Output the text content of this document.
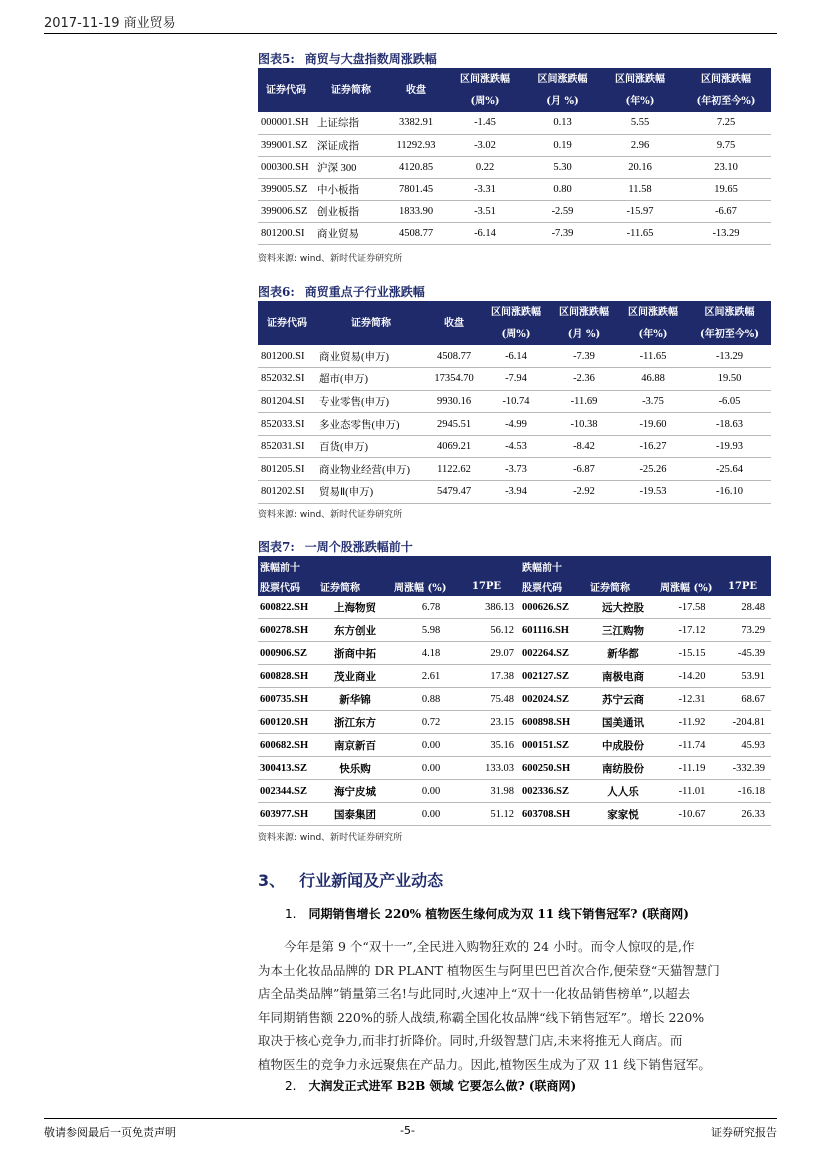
2017-11-19 商业贸易
图表5: 商贸与大盘指数周涨跌幅
证券代码	证券简称	收盘	区间涨跌幅	区间涨跌幅	区间涨跌幅	区间涨跌幅
			(周%)	(月 %)	(年%)	(年初至今%)
000001.SH	上证综指	3382.91	-1.45	0.13	5.55	7.25
399001.SZ	深证成指	11292.93	-3.02	0.19	2.96	9.75
000300.SH	沪深 300	4120.85	0.22	5.30	20.16	23.10
399005.SZ	中小板指	7801.45	-3.31	0.80	11.58	19.65
399006.SZ	创业板指	1833.90	-3.51	-2.59	-15.97	-6.67
801200.SI	商业贸易	4508.77	-6.14	-7.39	-11.65	-13.29
资料来源: wind、新时代证券研究所
图表6: 商贸重点子行业涨跌幅
证券代码	证券简称	收盘	区间涨跌幅	区间涨跌幅	区间涨跌幅	区间涨跌幅
			(周%)	(月 %)	(年%)	(年初至今%)
801200.SI	商业贸易(申万)	4508.77	-6.14	-7.39	-11.65	-13.29
852032.SI	超市(申万)	17354.70	-7.94	-2.36	46.88	19.50
801204.SI	专业零售(申万)	9930.16	-10.74	-11.69	-3.75	-6.05
852033.SI	多业态零售(申万)	2945.51	-4.99	-10.38	-19.60	-18.63
852031.SI	百货(申万)	4069.21	-4.53	-8.42	-16.27	-19.93
801205.SI	商业物业经营(申万)	1122.62	-3.73	-6.87	-25.26	-25.64
801202.SI	贸易Ⅱ(申万)	5479.47	-3.94	-2.92	-19.53	-16.10
资料来源: wind、新时代证券研究所
图表7: 一周个股涨跌幅前十
涨幅前十				跌幅前十			
股票代码	证券简称	周涨幅 (%)	17PE	股票代码	证券简称	周涨幅 (%)	17PE
600822.SH	上海物贸	6.78	386.13	000626.SZ	远大控股	-17.58	28.48
600278.SH	东方创业	5.98	56.12	601116.SH	三江购物	-17.12	73.29
000906.SZ	浙商中拓	4.18	29.07	002264.SZ	新华都	-15.15	-45.39
600828.SH	茂业商业	2.61	17.38	002127.SZ	南极电商	-14.20	53.91
600735.SH	新华锦	0.88	75.48	002024.SZ	苏宁云商	-12.31	68.67
600120.SH	浙江东方	0.72	23.15	600898.SH	国美通讯	-11.92	-204.81
600682.SH	南京新百	0.00	35.16	000151.SZ	中成股份	-11.74	45.93
300413.SZ	快乐购	0.00	133.03	600250.SH	南纺股份	-11.19	-332.39
002344.SZ	海宁皮城	0.00	31.98	002336.SZ	人人乐	-11.01	-16.18
603977.SH	国泰集团	0.00	51.12	603708.SH	家家悦	-10.67	26.33
资料来源: wind、新时代证券研究所
3、 行业新闻及产业动态
1. 同期销售增长 220% 植物医生缘何成为双 11 线下销售冠军? (联商网)
今年是第 9 个“双十一”,全民进入购物狂欢的 24 小时。而令人惊叹的是,作
为本土化妆品品牌的 DR PLANT 植物医生与阿里巴巴首次合作,便荣登“天猫智慧门
店全品类品牌”销量第三名!与此同时,火速冲上“双十一化妆品销售榜单”,以超去
年同期销售额 220%的骄人战绩,称霸全国化妆品牌“线下销售冠军”。增长 220%
取决于核心竞争力,而非打折降价。同时,升级智慧门店,未来将推无人商店。而
植物医生的竞争力永远聚焦在产品力。因此,植物医生成为了双 11 线下销售冠军。
2. 大润发正式进军 B2B 领域 它要怎么做? (联商网)
敬请参阅最后一页免责声明	-5-	证券研究报告
